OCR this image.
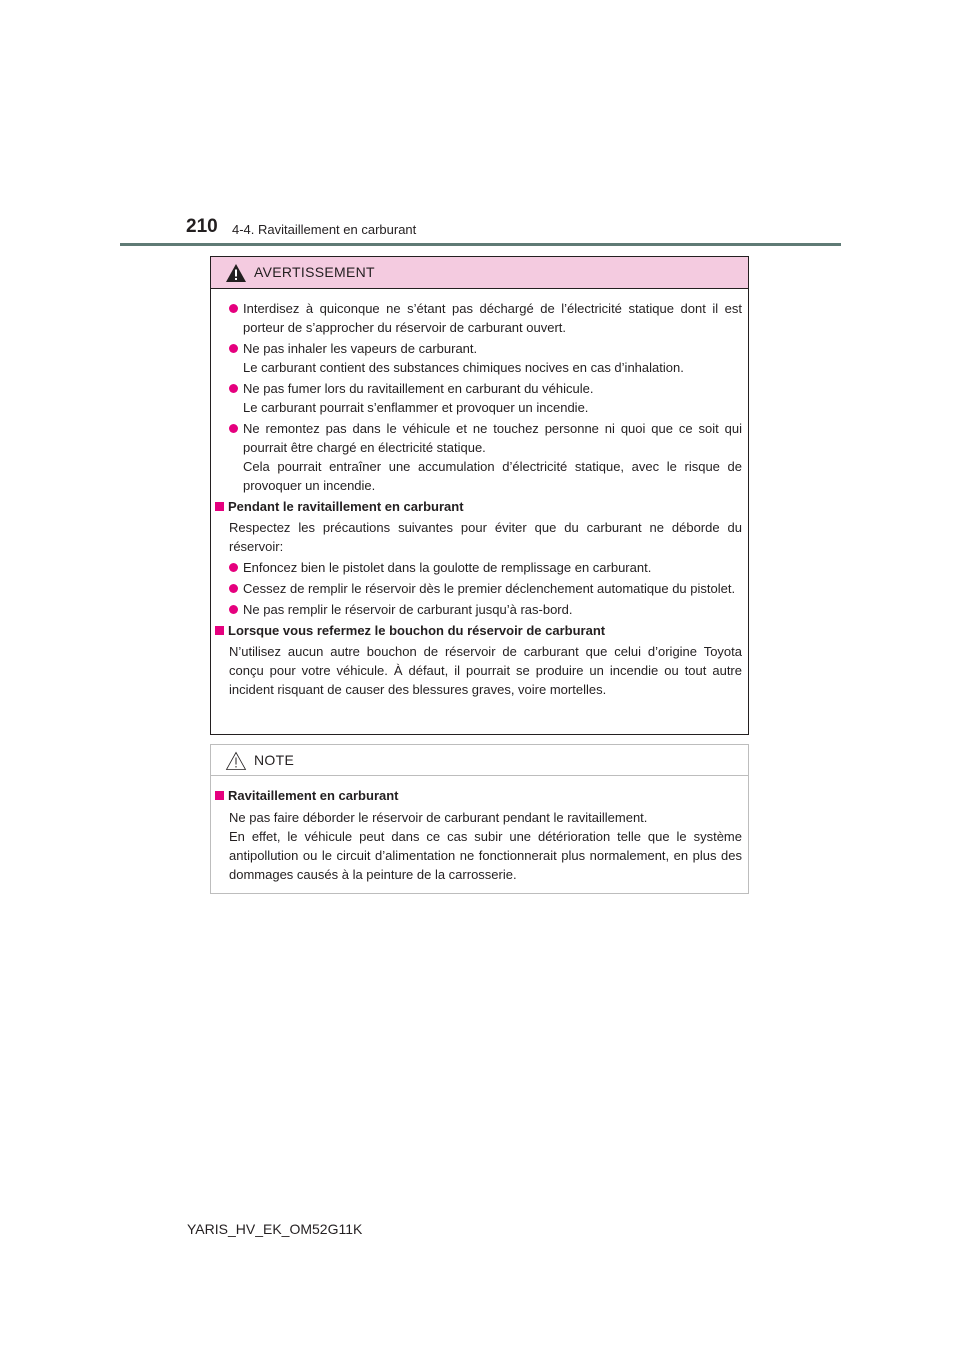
210 4-4. Ravitaillement en carburant
AVERTISSEMENT
Interdisez à quiconque ne s’étant pas déchargé de l’électricité statique dont il est porteur de s’approcher du réservoir de carburant ouvert.
Ne pas inhaler les vapeurs de carburant.
Le carburant contient des substances chimiques nocives en cas d’inhalation.
Ne pas fumer lors du ravitaillement en carburant du véhicule.
Le carburant pourrait s’enflammer et provoquer un incendie.
Ne remontez pas dans le véhicule et ne touchez personne ni quoi que ce soit qui pourrait être chargé en électricité statique.
Cela pourrait entraîner une accumulation d’électricité statique, avec le risque de provoquer un incendie.
Pendant le ravitaillement en carburant

Respectez les précautions suivantes pour éviter que du carburant ne déborde du réservoir:

Enfoncez bien le pistolet dans la goulotte de remplissage en carburant.
Cessez de remplir le réservoir dès le premier déclenchement automatique du pistolet.
Ne pas remplir le réservoir de carburant jusqu’à ras-bord.
Lorsque vous refermez le bouchon du réservoir de carburant

N’utilisez aucun autre bouchon de réservoir de carburant que celui d’origine Toyota conçu pour votre véhicule. À défaut, il pourrait se produire un incendie ou tout autre incident risquant de causer des blessures graves, voire mortelles.

NOTE
Ravitaillement en carburant
Ne pas faire déborder le réservoir de carburant pendant le ravitaillement.
En effet, le véhicule peut dans ce cas subir une détérioration telle que le système antipollution ou le circuit d’alimentation ne fonctionnerait plus normalement, en plus des dommages causés à la peinture de la carrosserie.
YARIS_HV_EK_OM52G11K
